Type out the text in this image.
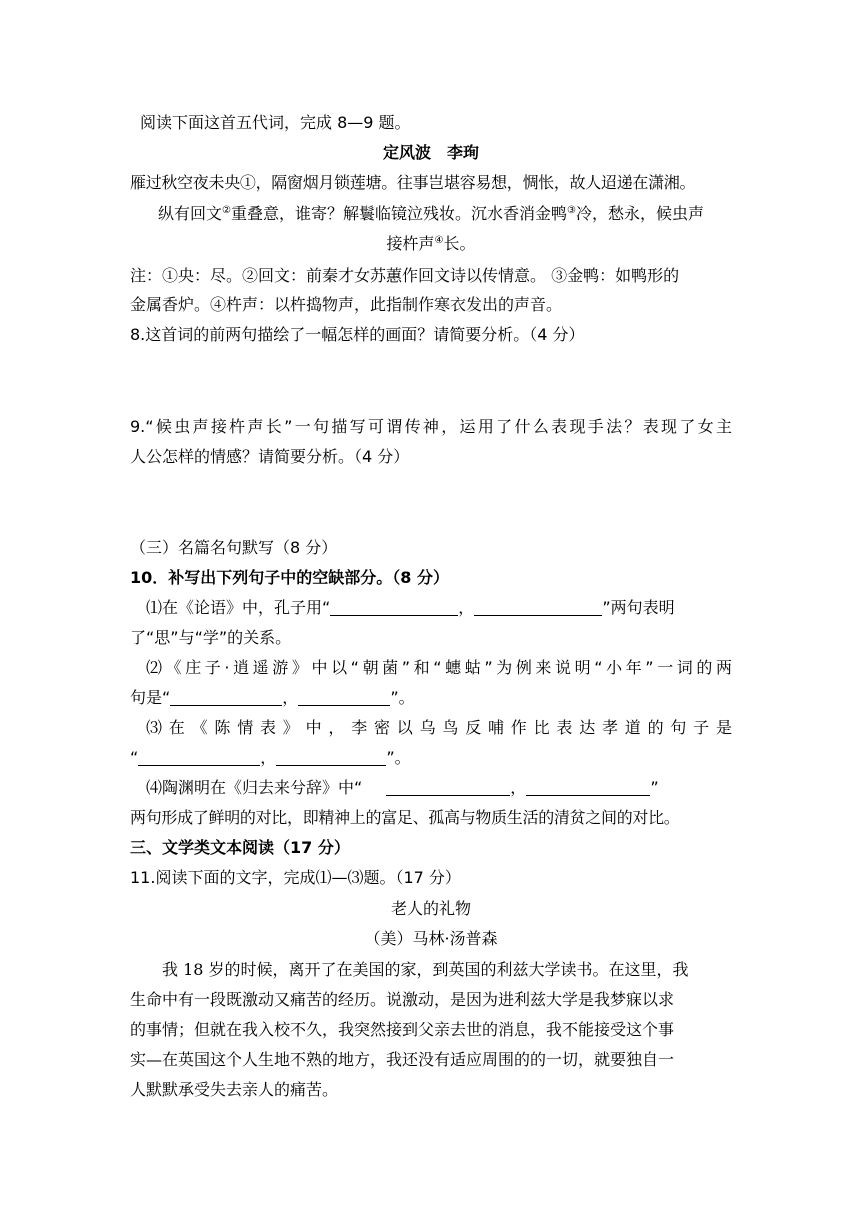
阅读下面这首五代词，完成 8—9 题。
定风波　李珣
雁过秋空夜未央①，隔窗烟月锁莲塘。往事岂堪容易想，惆怅，故人迢递在潇湘。
纵有回文②重叠意，谁寄？解鬟临镜泣残妆。沉水香消金鸭③冷，愁永，候虫声
接杵声④长。
注：①央：尽。②回文：前秦才女苏蕙作回文诗以传情意。 ③金鸭：如鸭形的
金属香炉。④杵声：以杵捣物声，此指制作寒衣发出的声音。
8.这首词的前两句描绘了一幅怎样的画面？请简要分析。（4 分）
9.“候虫声接杵声长”一句描写可谓传神，运用了什么表现手法？表现了女主
人公怎样的情感？请简要分析。（4 分）
（三）名篇名句默写（8 分）
10．补写出下列句子中的空缺部分。（8 分）
⑴在《论语》中，孔子用“	，	”两句表明
了“思”与“学”的关系。
⑵《庄子·逍遥游》中以“朝菌”和“蟪蛄”为例来说明“小年”一词的两
句是“	，	”。
⑶在《陈情表》中，李密以乌鸟反哺作比表达孝道的句子是
“	，	”。
⑷陶渊明在《归去来兮辞》中“	，	”
两句形成了鲜明的对比，即精神上的富足、孤高与物质生活的清贫之间的对比。
三、文学类文本阅读（17 分）
11.阅读下面的文字，完成⑴—⑶题。（17 分）
老人的礼物
（美）马林·汤普森
我 18 岁的时候，离开了在美国的家，到英国的利兹大学读书。在这里，我
生命中有一段既激动又痛苦的经历。说激动，是因为进利兹大学是我梦寐以求
的事情；但就在我入校不久，我突然接到父亲去世的消息，我不能接受这个事
实—在英国这个人生地不熟的地方，我还没有适应周围的的一切，就要独自一
人默默承受失去亲人的痛苦。
